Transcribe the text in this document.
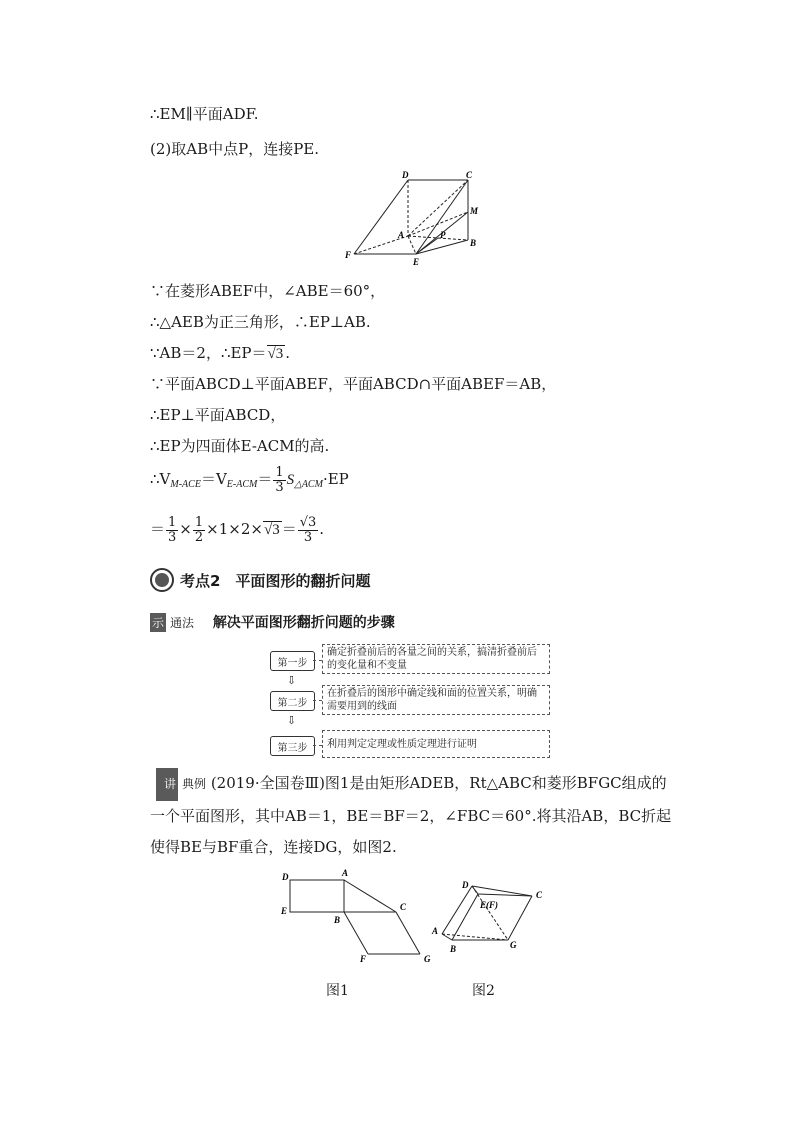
∴EM∥平面ADF.
(2)取AB中点P，连接PE.
D	C
M
A	P
B
F
E
∵在菱形ABEF中，∠ABE＝60°，
∴△AEB为正三角形，∴EP⊥AB.
∵AB＝2，∴EP＝√3 .
∵平面ABCD⊥平面ABEF，平面ABCD∩平面ABEF＝AB，
∴EP⊥平面ABCD，
∴EP为四面体E-ACM的高.
$\therefore V_{M-ACE}=V_{E-ACM}= \frac{1}{3} S_{\triangle ACM}\cdot EP$
＝ $\frac{1}{3} \times \frac{1}{2} \times 1\times 2\times√3 = \frac{√3}{3}$ .
考点2　平面图形的翻折问题
示 通法 解决平面图形翻折问题的步骤
第一步
确定折叠前后的各量之间的关系，搞清折叠前后的变化量和不变量
⇩
第二步
在折叠后的图形中确定线和面的位置关系，明确需要用到的线面
⇩
第三步	利用判定定理或性质定理进行证明
讲 典例 (2019·全国卷Ⅲ)图1是由矩形ADEB，Rt△ABC和菱形BFGC组成的一个平面图形，其中AB＝1，BE＝BF＝2，∠FBC＝60°.将其沿AB，BC折起使得BE与BF重合，连接DG，如图2.
D	A
C
E
B
F	G
D
C
E(F)
A
B	G
图1	图2
